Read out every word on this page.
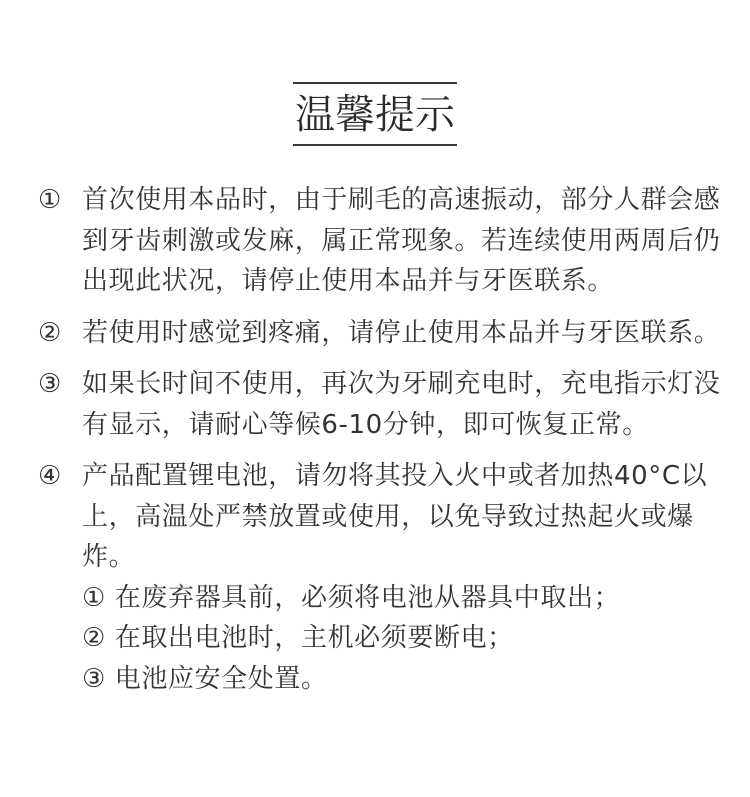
温馨提示
① 首次使用本品时，由于刷毛的高速振动，部分人群会感到牙齿刺激或发麻，属正常现象。若连续使用两周后仍出现此状况，请停止使用本品并与牙医联系。

② 若使用时感觉到疼痛，请停止使用本品并与牙医联系。

③ 如果长时间不使用，再次为牙刷充电时，充电指示灯没有显示，请耐心等候6-10分钟，即可恢复正常。

④ 产品配置锂电池，请勿将其投入火中或者加热40°C以上，高温处严禁放置或使用，以免导致过热起火或爆炸。

① 在废弃器具前，必须将电池从器具中取出；

② 在取出电池时，主机必须要断电；

③ 电池应安全处置。
